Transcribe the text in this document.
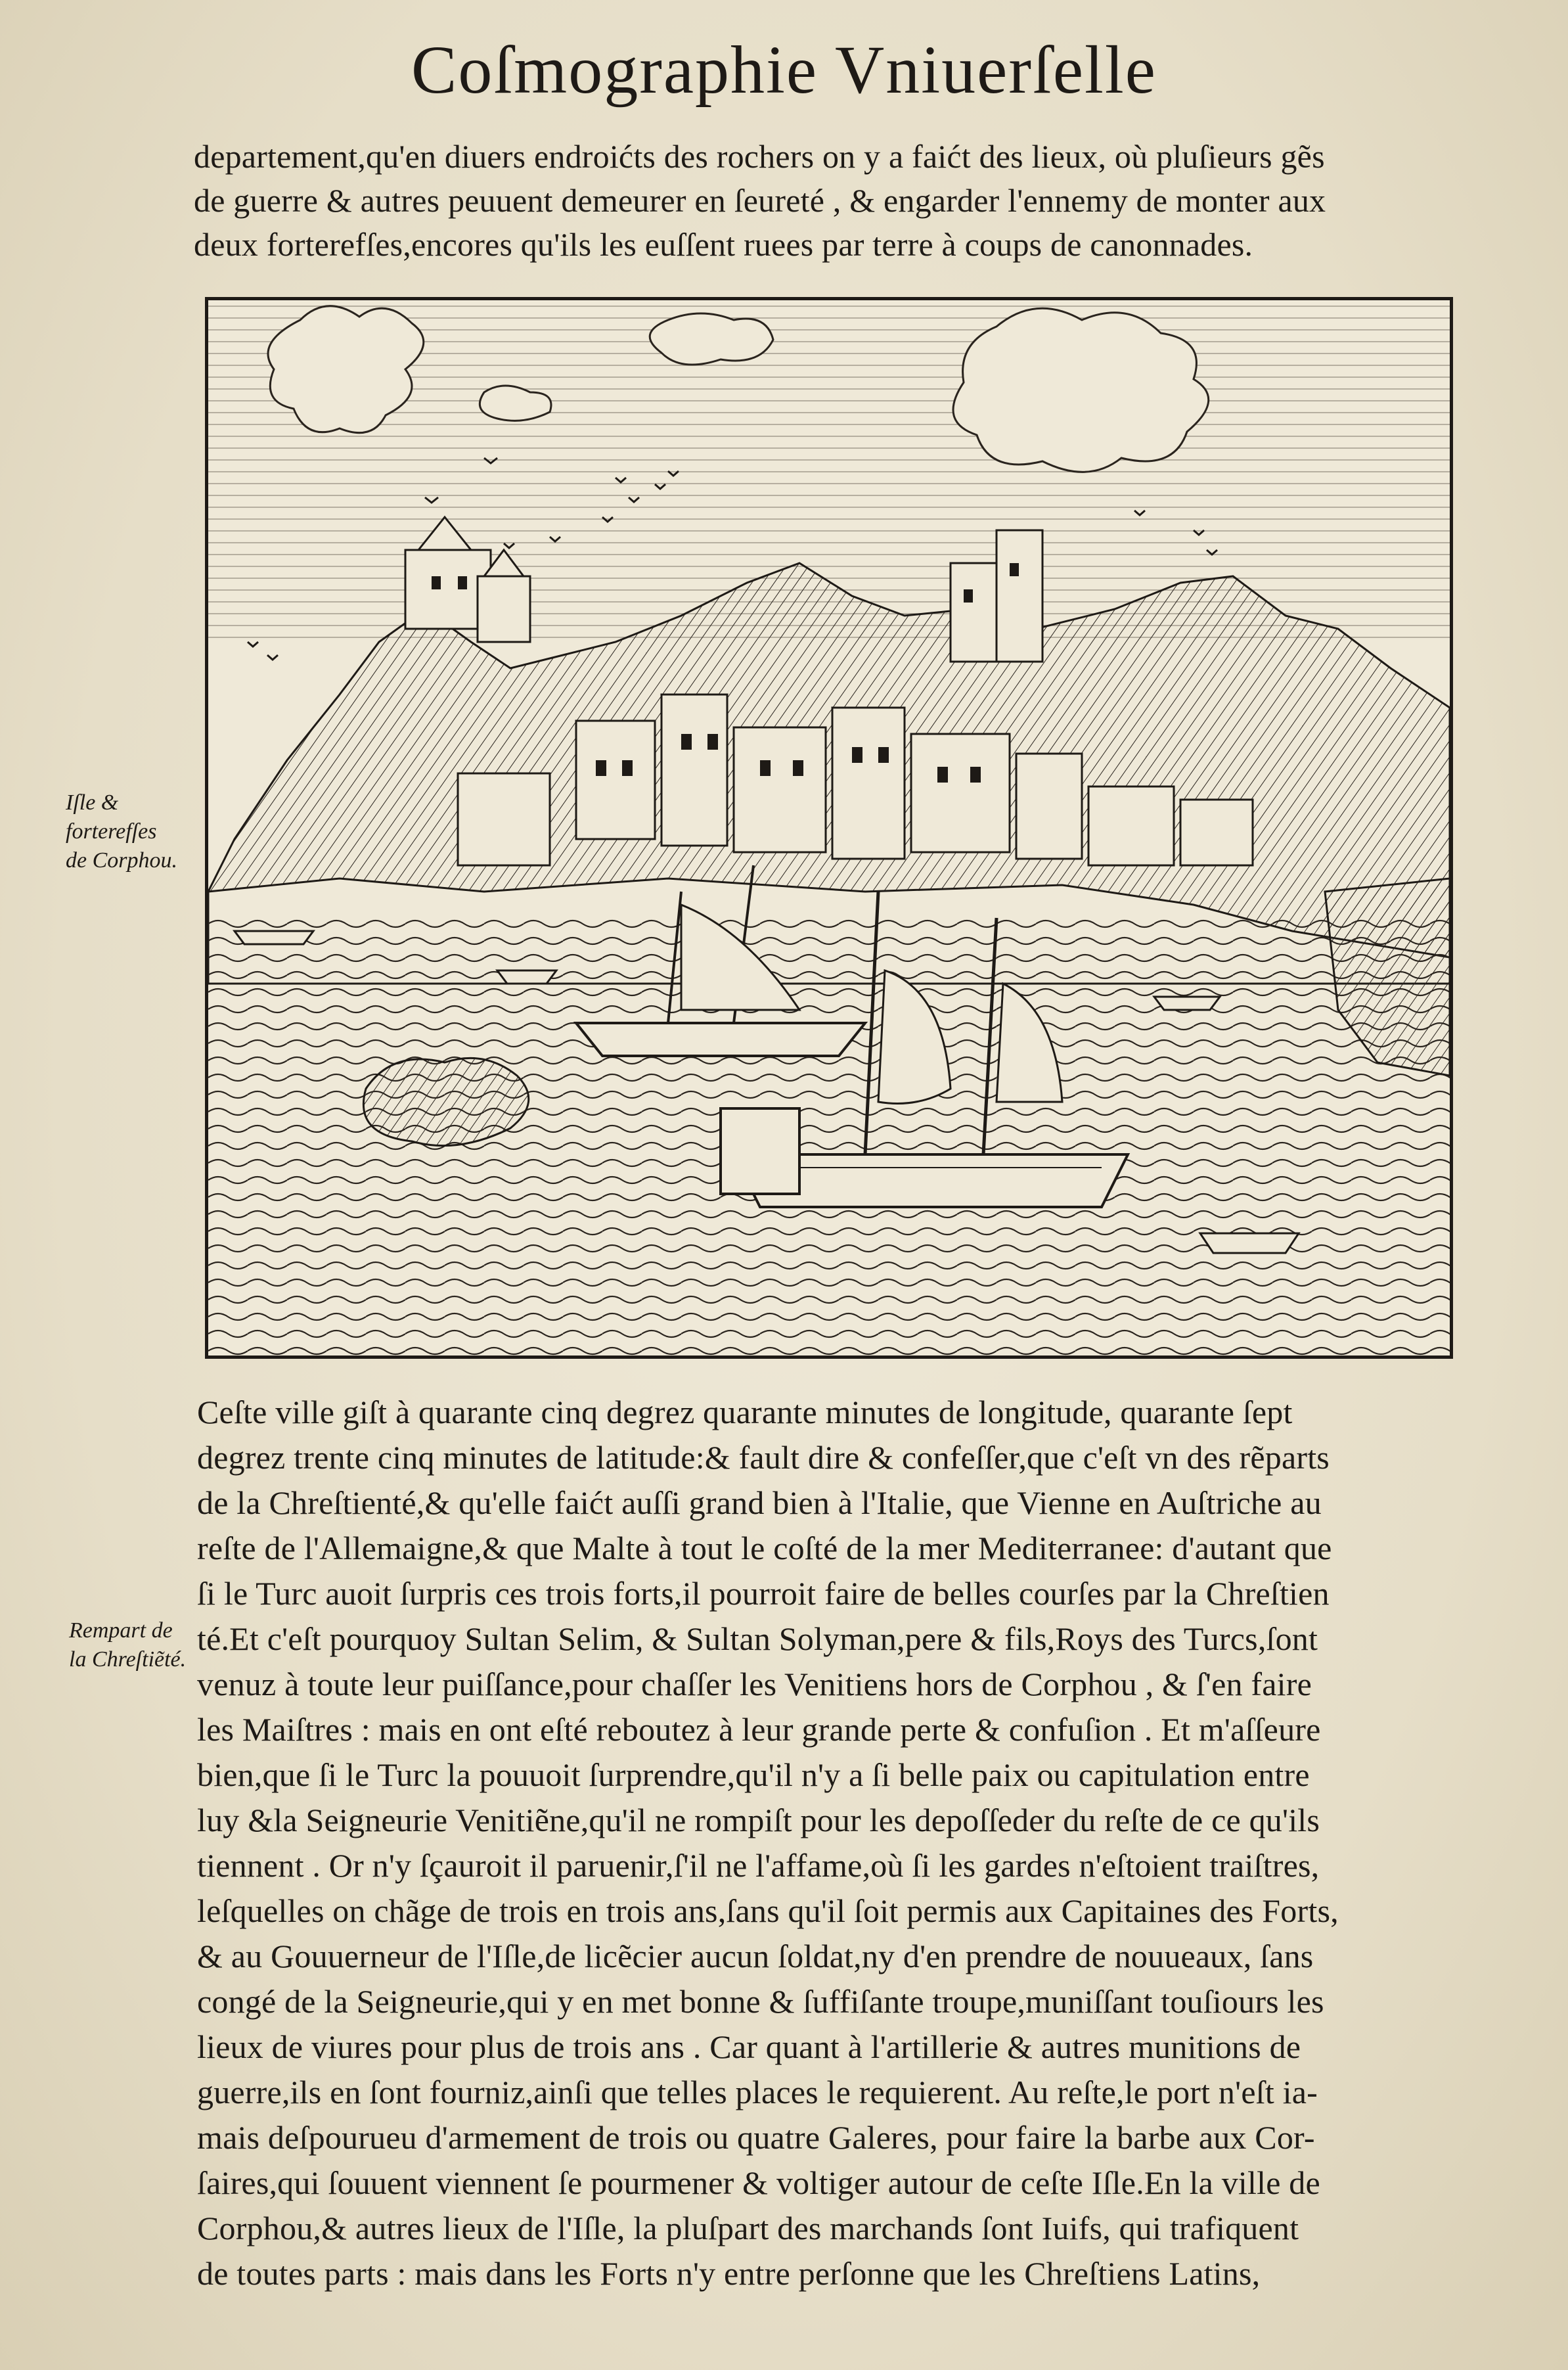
Coſmographie Vniuerſelle
departement,qu'en diuers endroićts des rochers on y a faićt des lieux, où pluſieurs gẽs
de guerre & autres peuuent demeurer en ſeureté , & engarder l'ennemy de monter aux
deux forterefſes,encores qu'ils les euſſent ruees par terre à coups de canonnades.
Iſle & forterefſes de Corphou.
Rempart de la Chreſtiẽté.
Ceſte ville giſt à quarante cinq degrez quarante minutes de longitude, quarante ſept
degrez trente cinq minutes de latitude:& fault dire & confeſſer,que c'eſt vn des rẽparts
de la Chreſtienté,& qu'elle faićt auſſi grand bien à l'Italie, que Vienne en Auſtriche au
reſte de l'Allemaigne,& que Malte à tout le coſté de la mer Mediterranee: d'autant que
ſi le Turc auoit ſurpris ces trois forts,il pourroit faire de belles courſes par la Chreſtien
té.Et c'eſt pourquoy Sultan Selim, & Sultan Solyman,pere & fils,Roys des Turcs,ſont
venuz à toute leur puiſſance,pour chaſſer les Venitiens hors de Corphou , & ſ'en faire
les Maiſtres : mais en ont eſté reboutez à leur grande perte & confuſion . Et m'aſſeure
bien,que ſi le Turc la pouuoit ſurprendre,qu'il n'y a ſi belle paix ou capitulation entre
luy &la Seigneurie Venitiẽne,qu'il ne rompiſt pour les depoſſeder du reſte de ce qu'ils
tiennent . Or n'y ſçauroit il paruenir,ſ'il ne l'affame,où ſi les gardes n'eſtoient traiſtres,
leſquelles on chãge de trois en trois ans,ſans qu'il ſoit permis aux Capitaines des Forts,
& au Gouuerneur de l'Iſle,de licẽcier aucun ſoldat,ny d'en prendre de nouueaux, ſans
congé de la Seigneurie,qui y en met bonne & ſuffiſante troupe,muniſſant touſiours les
lieux de viures pour plus de trois ans . Car quant à l'artillerie & autres munitions de
guerre,ils en ſont fourniz,ainſi que telles places le requierent. Au reſte,le port n'eſt ia-
mais deſpourueu d'armement de trois ou quatre Galeres, pour faire la barbe aux Cor-
ſaires,qui ſouuent viennent ſe pourmener & voltiger autour de ceſte Iſle.En la ville de
Corphou,& autres lieux de l'Iſle, la pluſpart des marchands ſont Iuifs, qui trafiquent
de toutes parts : mais dans les Forts n'y entre perſonne que les Chreſtiens Latins,
